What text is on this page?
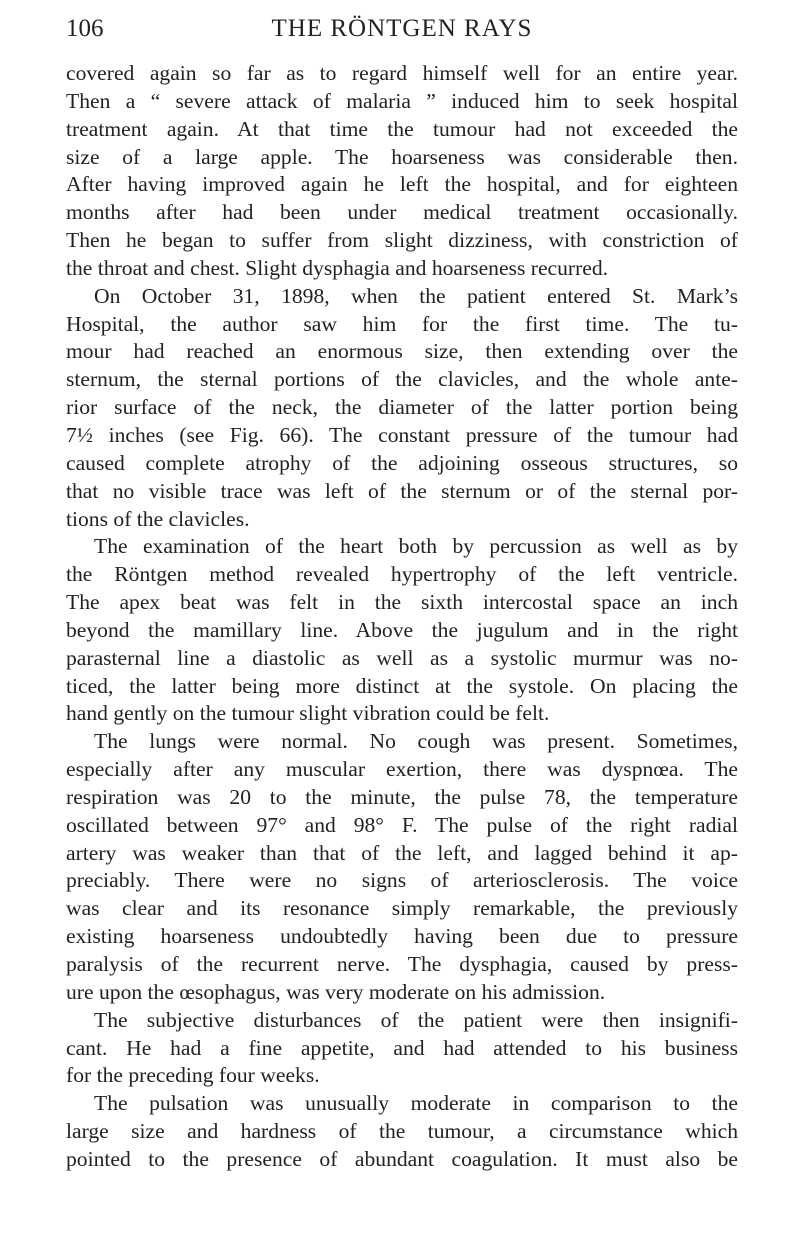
106	THE RÖNTGEN RAYS
covered again so far as to regard himself well for an entire year.
Then a “ severe attack of malaria ” induced him to seek hospital
treatment again. At that time the tumour had not exceeded the
size of a large apple. The hoarseness was considerable then.
After having improved again he left the hospital, and for eighteen
months after had been under medical treatment occasionally.
Then he began to suffer from slight dizziness, with constriction of
the throat and chest. Slight dysphagia and hoarseness recurred.
On October 31, 1898, when the patient entered St. Mark’s
Hospital, the author saw him for the first time. The tu-
mour had reached an enormous size, then extending over the
sternum, the sternal portions of the clavicles, and the whole ante-
rior surface of the neck, the diameter of the latter portion being
7½ inches (see Fig. 66). The constant pressure of the tumour had
caused complete atrophy of the adjoining osseous structures, so
that no visible trace was left of the sternum or of the sternal por-
tions of the clavicles.
The examination of the heart both by percussion as well as by
the Röntgen method revealed hypertrophy of the left ventricle.
The apex beat was felt in the sixth intercostal space an inch
beyond the mamillary line. Above the jugulum and in the right
parasternal line a diastolic as well as a systolic murmur was no-
ticed, the latter being more distinct at the systole. On placing the
hand gently on the tumour slight vibration could be felt.
The lungs were normal. No cough was present. Sometimes,
especially after any muscular exertion, there was dyspnœa. The
respiration was 20 to the minute, the pulse 78, the temperature
oscillated between 97° and 98° F. The pulse of the right radial
artery was weaker than that of the left, and lagged behind it ap-
preciably. There were no signs of arteriosclerosis. The voice
was clear and its resonance simply remarkable, the previously
existing hoarseness undoubtedly having been due to pressure
paralysis of the recurrent nerve. The dysphagia, caused by press-
ure upon the œsophagus, was very moderate on his admission.
The subjective disturbances of the patient were then insignifi-
cant. He had a fine appetite, and had attended to his business
for the preceding four weeks.
The pulsation was unusually moderate in comparison to the
large size and hardness of the tumour, a circumstance which
pointed to the presence of abundant coagulation. It must also be
